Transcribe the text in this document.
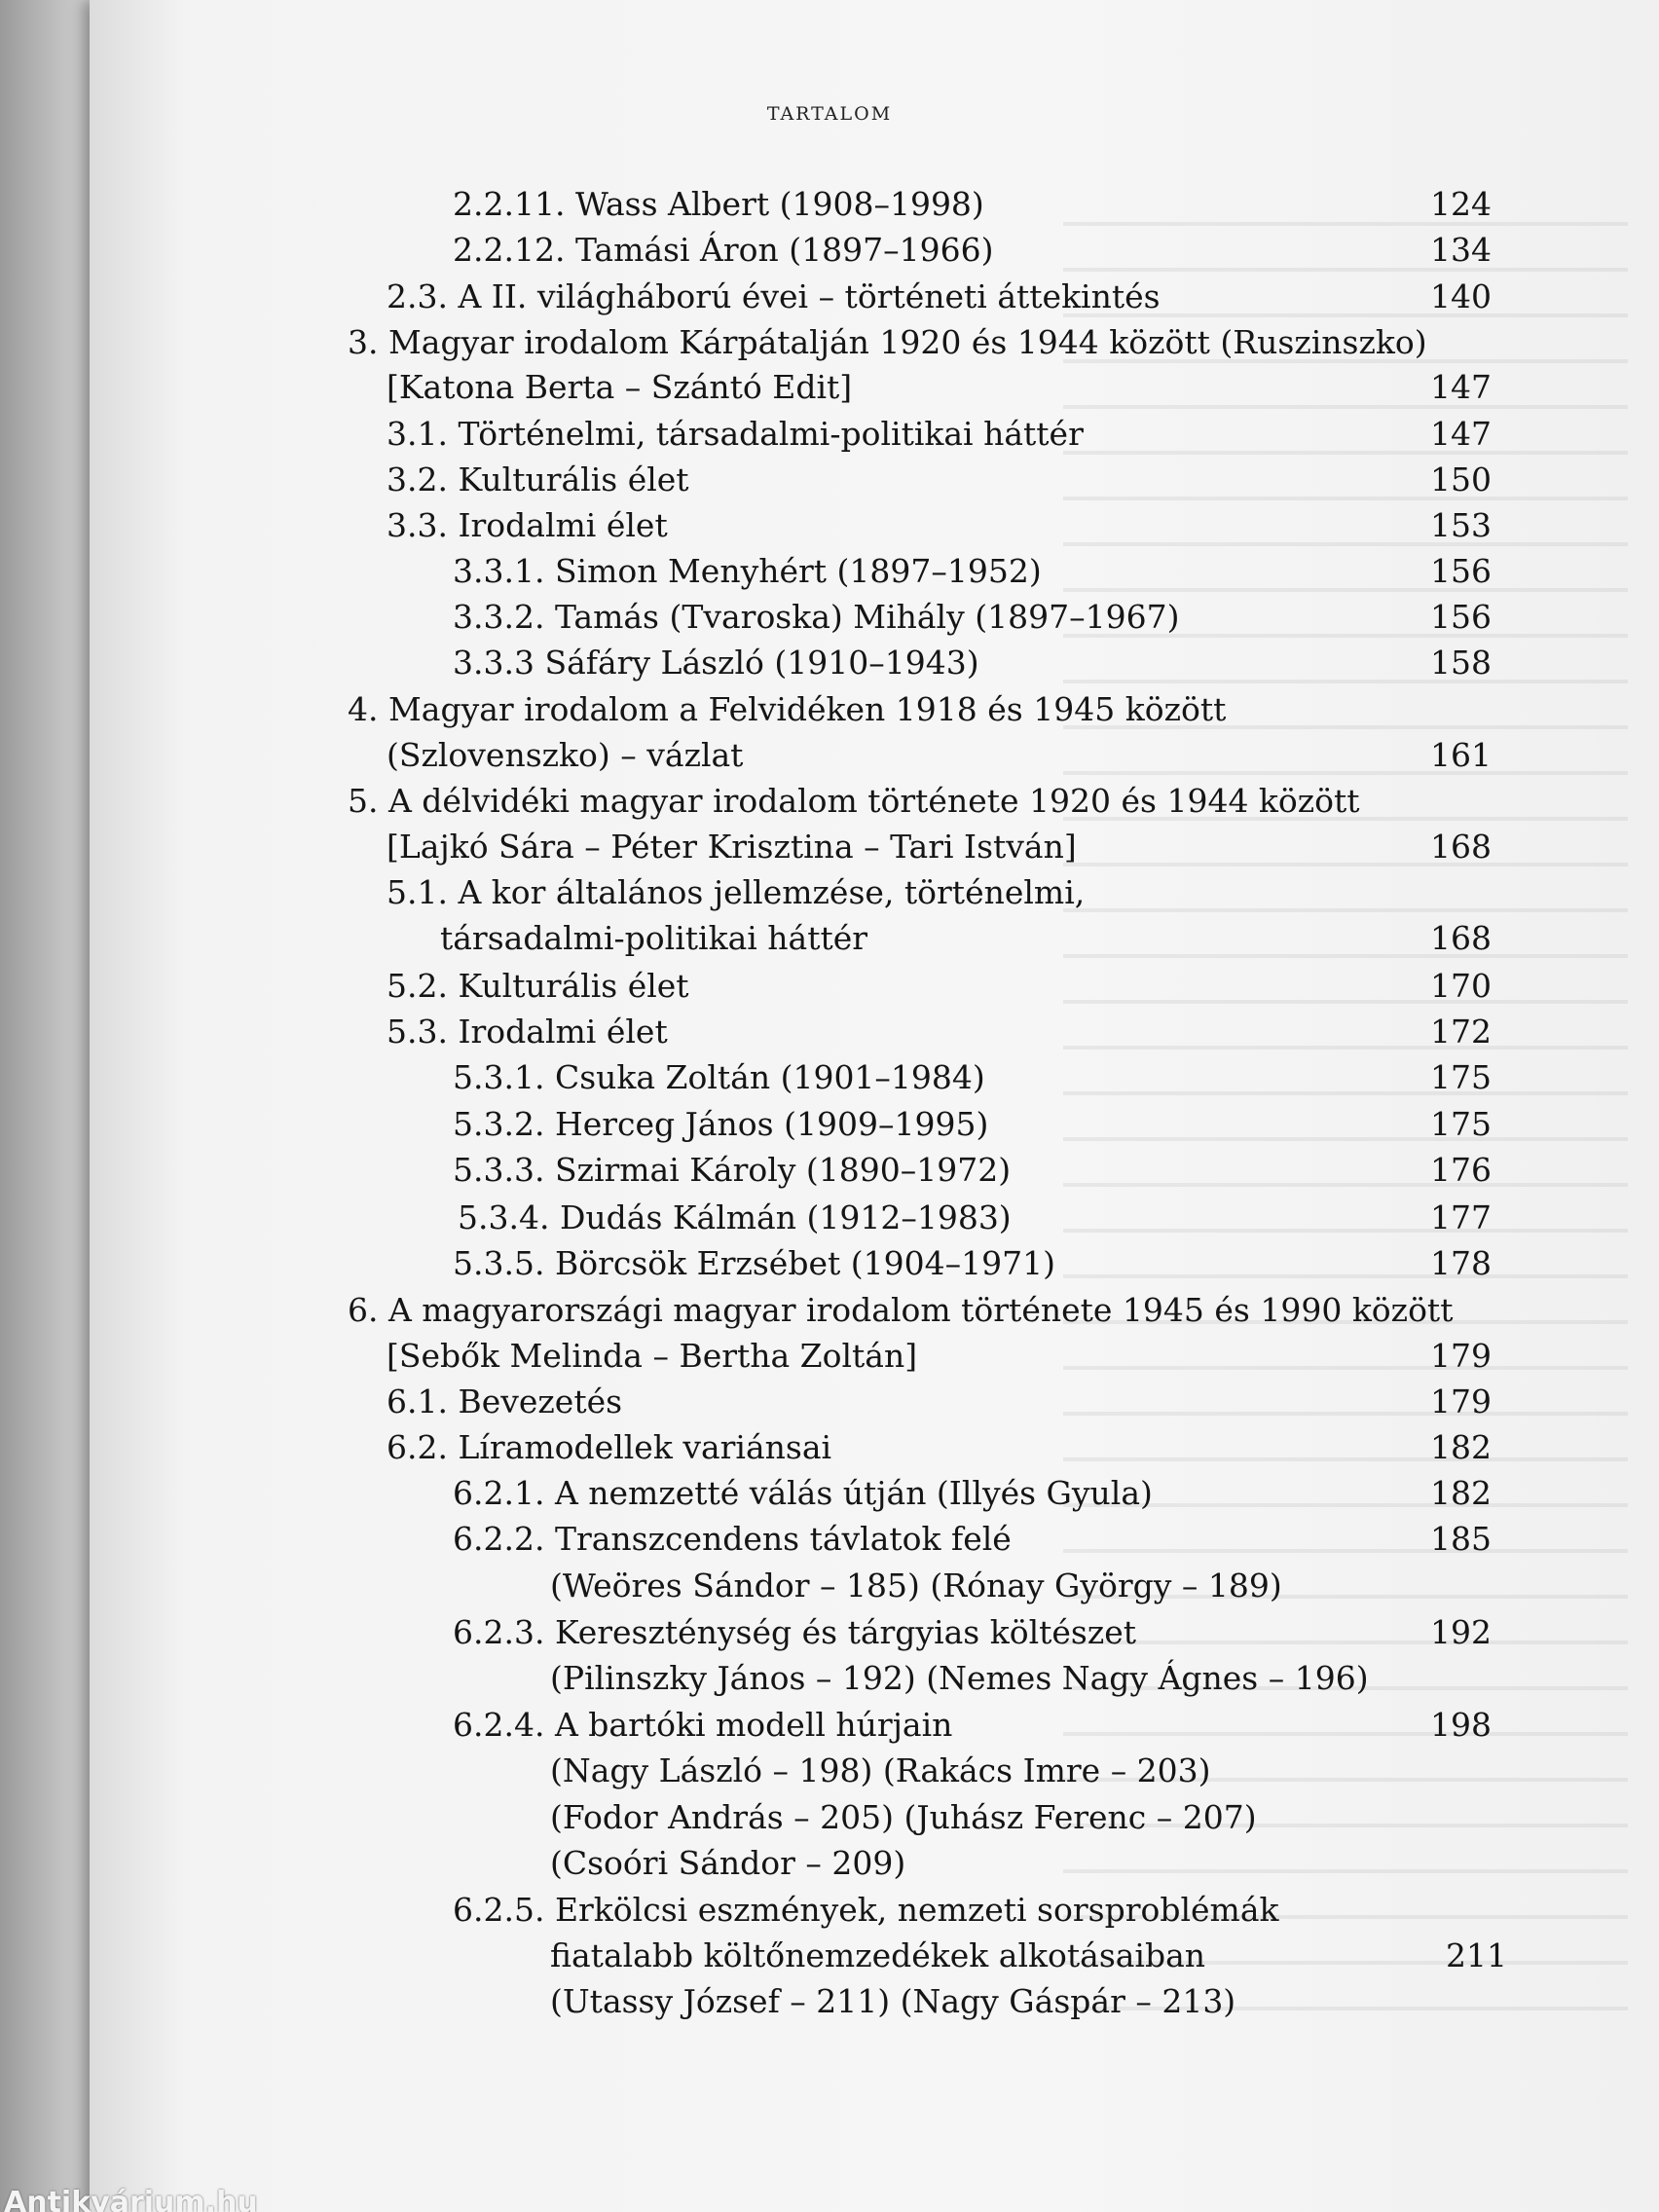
TARTALOM
2.2.11. Wass Albert (1908–1998)	124
2.2.12. Tamási Áron (1897–1966)	134
2.3. A II. világháború évei – történeti áttekintés	140
3. Magyar irodalom Kárpátalján 1920 és 1944 között (Ruszinszko)
[Katona Berta – Szántó Edit]	147
3.1. Történelmi, társadalmi-politikai háttér	147
3.2. Kulturális élet	150
3.3. Irodalmi élet	153
3.3.1. Simon Menyhért (1897–1952)	156
3.3.2. Tamás (Tvaroska) Mihály (1897–1967)	156
3.3.3 Sáfáry László (1910–1943)	158
4. Magyar irodalom a Felvidéken 1918 és 1945 között
(Szlovenszko) – vázlat	161
5. A délvidéki magyar irodalom története 1920 és 1944 között
[Lajkó Sára – Péter Krisztina – Tari István]	168
5.1. A kor általános jellemzése, történelmi,
társadalmi-politikai háttér	168
5.2. Kulturális élet	170
5.3. Irodalmi élet	172
5.3.1. Csuka Zoltán (1901–1984)	175
5.3.2. Herceg János (1909–1995)	175
5.3.3. Szirmai Károly (1890–1972)	176
5.3.4. Dudás Kálmán (1912–1983)	177
5.3.5. Börcsök Erzsébet (1904–1971)	178
6. A magyarországi magyar irodalom története 1945 és 1990 között
[Sebők Melinda – Bertha Zoltán]	179
6.1. Bevezetés	179
6.2. Líramodellek variánsai	182
6.2.1. A nemzetté válás útján (Illyés Gyula)	182
6.2.2. Transzcendens távlatok felé	185
(Weöres Sándor – 185) (Rónay György – 189)
6.2.3. Kereszténység és tárgyias költészet	192
(Pilinszky János – 192) (Nemes Nagy Ágnes – 196)
6.2.4. A bartóki modell húrjain	198
(Nagy László – 198) (Rakács Imre – 203)
(Fodor András – 205) (Juhász Ferenc – 207)
(Csoóri Sándor – 209)
6.2.5. Erkölcsi eszmények, nemzeti sorsproblémák
fiatalabb költőnemzedékek alkotásaiban	211
(Utassy József – 211) (Nagy Gáspár – 213)
Antikvárium.hu
